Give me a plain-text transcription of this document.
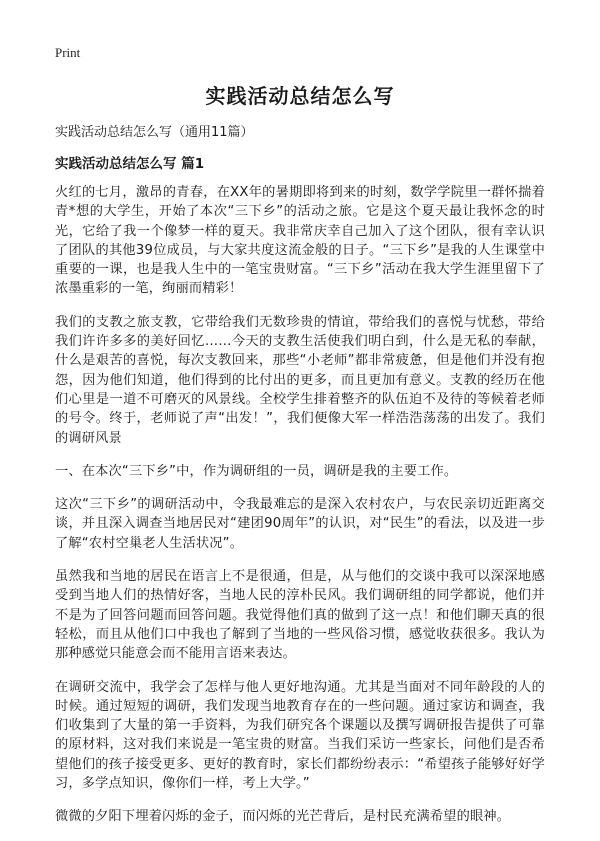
Print
实践活动总结怎么写

实践活动总结怎么写（通用11篇）

实践活动总结怎么写 篇1

火红的七月，激昂的青春，在XX年的暑期即将到来的时刻，数学学院里一群怀揣着青*想的大学生，开始了本次“三下乡”的活动之旅。它是这个夏天最让我怀念的时光，它给了我一个像梦一样的夏天。我非常庆幸自己加入了这个团队，很有幸认识了团队的其他39位成员，与大家共度这流金般的日子。“三下乡”是我的人生课堂中重要的一课，也是我人生中的一笔宝贵财富。“三下乡”活动在我大学生涯里留下了浓墨重彩的一笔，绚丽而精彩！

我们的支教之旅支教，它带给我们无数珍贵的情谊，带给我们的喜悦与忧愁，带给我们许许多多的美好回忆……今天的支教生活使我们明白到，什么是无私的奉献，什么是艰苦的喜悦，每次支教回来，那些“小老师”都非常疲惫，但是他们并没有抱怨，因为他们知道，他们得到的比付出的更多，而且更加有意义。支教的经历在他们心里是一道不可磨灭的风景线。全校学生排着整齐的队伍迫不及待的等候着老师的号令。终于，老师说了声“出发！”，我们便像大军一样浩浩荡荡的出发了。我们的调研风景

一、在本次“三下乡”中，作为调研组的一员，调研是我的主要工作。

这次“三下乡”的调研活动中，令我最难忘的是深入农村农户，与农民亲切近距离交谈，并且深入调查当地居民对“建团90周年”的认识，对“民生”的看法，以及进一步了解“农村空巢老人生活状况”。

虽然我和当地的居民在语言上不是很通，但是，从与他们的交谈中我可以深深地感受到当地人们的热情好客，当地人民的淳朴民风。我们调研组的同学都说，他们并不是为了回答问题而回答问题。我觉得他们真的做到了这一点！和他们聊天真的很轻松，而且从他们口中我也了解到了当地的一些风俗习惯，感觉收获很多。我认为那种感觉只能意会而不能用言语来表达。

在调研交流中，我学会了怎样与他人更好地沟通。尤其是当面对不同年龄段的人的时候。通过短短的调研，我们发现当地教育存在的一些问题。通过家访和调查，我们收集到了大量的第一手资料，为我们研究各个课题以及撰写调研报告提供了可靠的原材料，这对我们来说是一笔宝贵的财富。当我们采访一些家长，问他们是否希望他们的孩子接受更多、更好的教育时，家长们都纷纷表示：“希望孩子能够好好学习，多学点知识，像你们一样，考上大学。”

微微的夕阳下埋着闪烁的金子，而闪烁的光芒背后，是村民充满希望的眼神。
